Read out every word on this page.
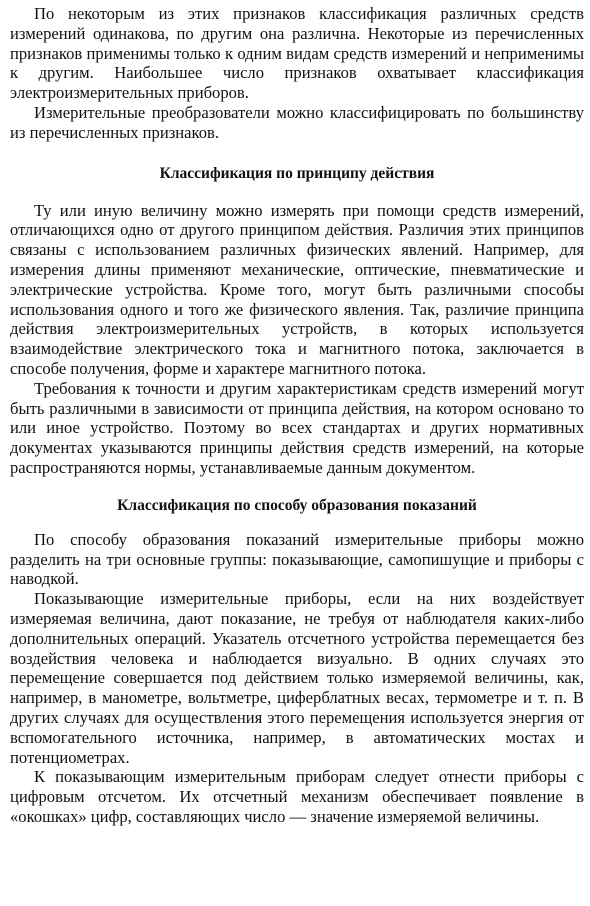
По некоторым из этих признаков классификация различных средств измерений одинакова, по другим она различна. Некоторые из перечисленных признаков применимы только к одним видам средств измерений и неприменимы к другим. Наибольшее число признаков охватывает классификация электроизмерительных приборов.

Измерительные преобразователи можно классифицировать по большинству из перечисленных признаков.

Классификация по принципу действия

Ту или иную величину можно измерять при помощи средств измерений, отличающихся одно от другого принципом действия. Различия этих принципов связаны с использованием различных физических явлений. Например, для измерения длины применяют механические, оптические, пневматические и электрические устройства. Кроме того, могут быть различными способы использования одного и того же физического явления. Так, различие принципа действия электроизмерительных устройств, в которых используется взаимодействие электрического тока и магнитного потока, заключается в способе получения, форме и характере магнитного потока.

Требования к точности и другим характеристикам средств измерений могут быть различными в зависимости от принципа действия, на котором основано то или иное устройство. Поэтому во всех стандартах и других нормативных документах указываются принципы действия средств измерений, на которые распространяются нормы, устанавливаемые данным документом.

Классификация по способу образования показаний

По способу образования показаний измерительные приборы можно разделить на три основные группы: показывающие, самопишущие и приборы с наводкой.

Показывающие измерительные приборы, если на них воздействует измеряемая величина, дают показание, не требуя от наблюдателя каких-либо дополнительных операций. Указатель отсчетного устройства перемещается без воздействия человека и наблюдается визуально. В одних случаях это перемещение совершается под действием только измеряемой величины, как, например, в манометре, вольтметре, циферблатных весах, термометре и т. п. В других случаях для осуществления этого перемещения используется энергия от вспомогательного источника, например, в автоматических мостах и потенциометрах.

К показывающим измерительным приборам следует отнести приборы с цифровым отсчетом. Их отсчетный механизм обеспечивает появление в «окошках» цифр, составляющих число — значение измеряемой величины.
